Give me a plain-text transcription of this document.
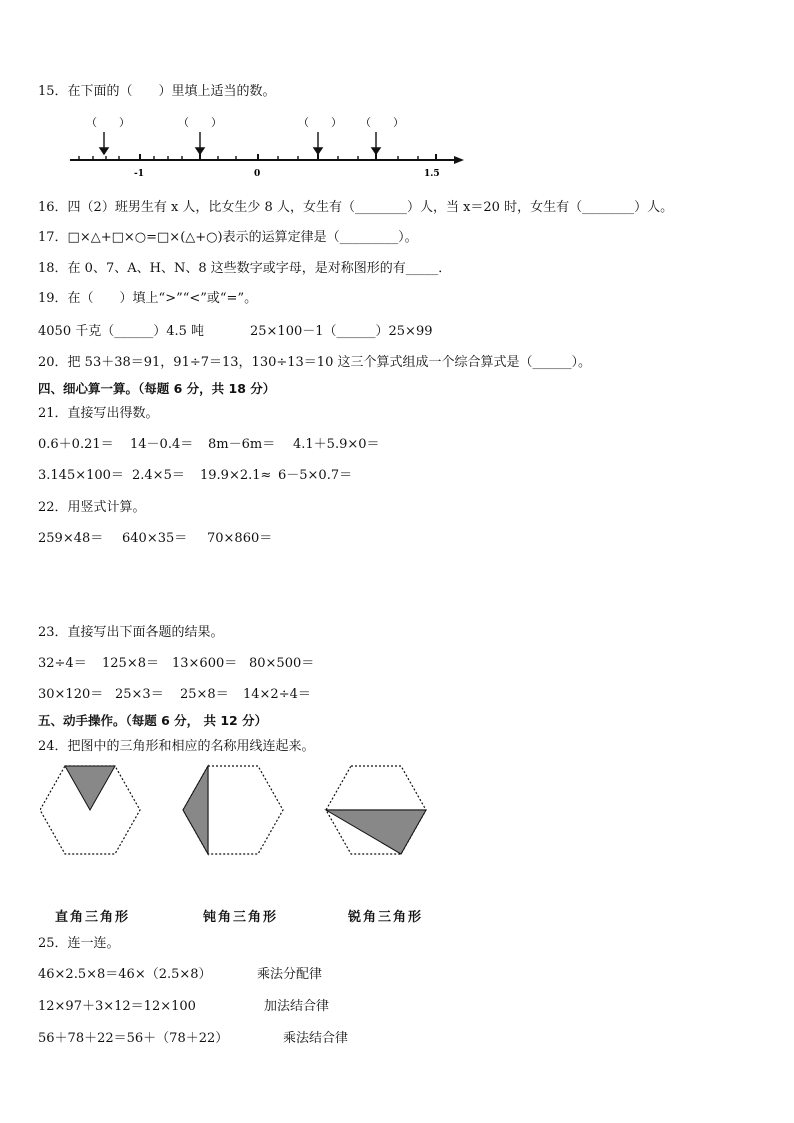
15．在下面的（　　）里填上适当的数。
（　　）	（　　）	（　　） （　　）
-1	0	1.5
16．四（2）班男生有 x 人，比女生少 8 人，女生有（________）人，当 x＝20 时，女生有（________）人。
17．□×△+□×○=□×(△+○)表示的运算定律是（_________）。
18．在 0、7、A、H、N、8 这些数字或字母，是对称图形的有_____．
19．在（　　）填上“>”“<”或“=”。
4050 千克（______）4.5 吨	25×100－1（______）25×99
20．把 53＋38＝91，91÷7＝13，130÷13＝10 这三个算式组成一个综合算式是（______）。
四、细心算一算。（每题 6 分，共 18 分）
21．直接写出得数。
0.6＋0.21＝ 14－0.4＝ 8m－6m＝ 4.1＋5.9×0＝
3.145×100＝ 2.4×5＝ 19.9×2.1≈ 6－5×0.7＝
22．用竖式计算。
259×48＝ 640×35＝ 70×860＝
23．直接写出下面各题的结果。
32÷4＝ 125×8＝ 13×600＝ 80×500＝
30×120＝ 25×3＝ 25×8＝ 14×2÷4＝
五、动手操作。（每题 6 分， 共 12 分）
24．把图中的三角形和相应的名称用线连起来。
直角三角形	钝角三角形	锐角三角形
25．连一连。
46×2.5×8＝46×（2.5×8）	乘法分配律
12×97＋3×12＝12×100	加法结合律
56＋78＋22＝56＋（78＋22）	乘法结合律
